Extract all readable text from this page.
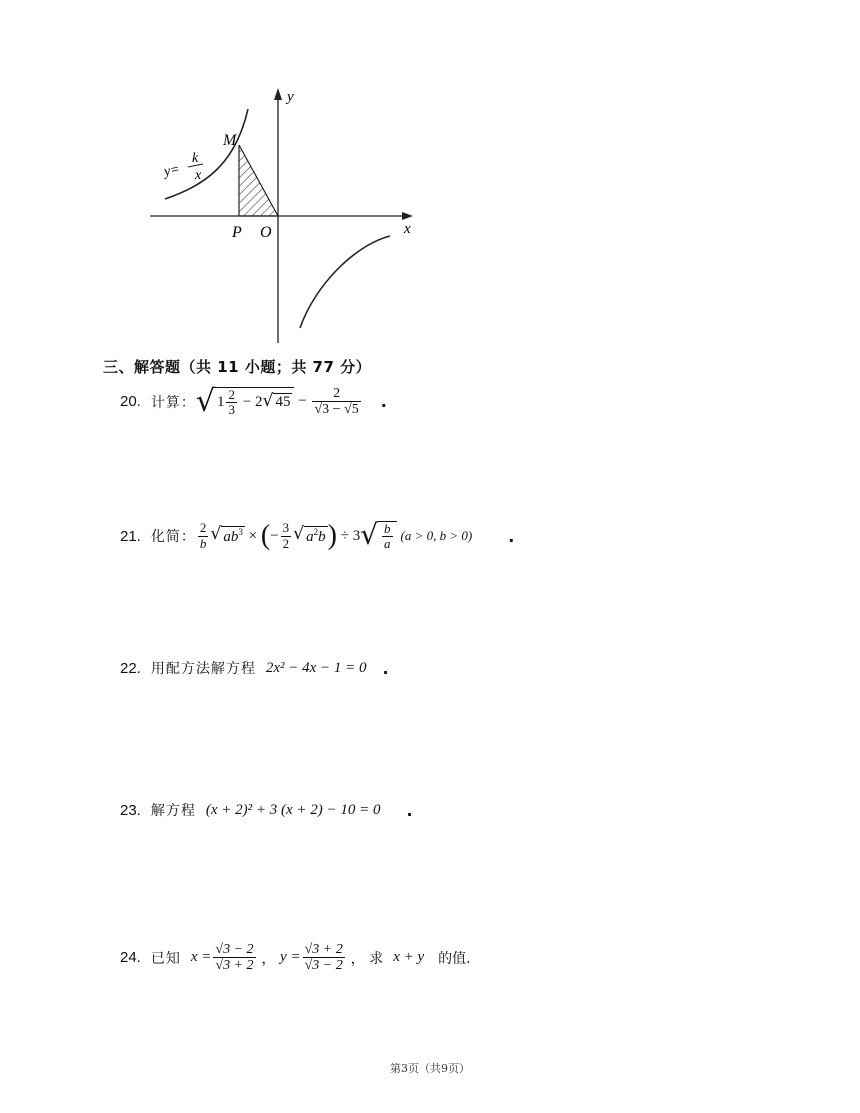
y
x
M
P O
y=
k
x
三、解答题（共 11 小题；共 77 分）
20. 计算： √ $1 \frac{2}{3} - 2$ √ $45 - \frac{2}{√3 - √5}$ .
21. 化简： $\frac{2}{b}$ √ $ab^3$ × ( − $\frac{3}{2}$ √ $a^2b$ ) ÷ 3 √ $\frac{b}{a} (a > 0$, b > 0) .
22. 用配方法解方程 2x² − 4x − 1 = 0 .
23. 解方程 (x + 2)² + 3 (x + 2) − 10 = 0 .
24. 已知 $x = \frac{√3 - 2}{√3 + 2}$ ， $y = \frac{√3 + 2}{√3 - 2}$ ， 求 x + y 的值.
第3页（共9页）
